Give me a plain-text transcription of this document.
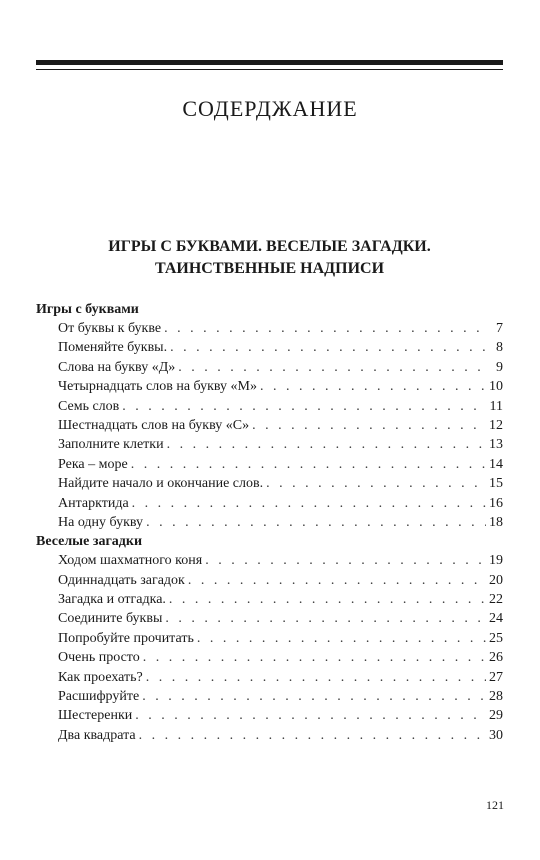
СОДЕРДЖАНИЕ
ИГРЫ С БУКВАМИ. ВЕСЕЛЫЕ ЗАГАДКИ.
ТАИНСТВЕННЫЕ НАДПИСИ
Игры с буквами
От буквы к букве . . .	7
Поменяйте буквы. . . .	8
Слова на букву «Д» . . .	9
Четырнадцать слов на букву «М» . . .	10
Семь слов . . .	11
Шестнадцать слов на букву «С» . . .	12
Заполните клетки . . .	13
Река – море . . .	14
Найдите начало и окончание слов. . . .	15
Антарктида . . .	16
На одну букву . . .	18
Веселые загадки
Ходом шахматного коня . . .	19
Одиннадцать загадок . . .	20
Загадка и отгадка. . . .	22
Соедините буквы . . .	24
Попробуйте прочитать . . .	25
Очень просто . . .	26
Как проехать? . . .	27
Расшифруйте . . .	28
Шестеренки . . .	29
Два квадрата . . .	30
121
